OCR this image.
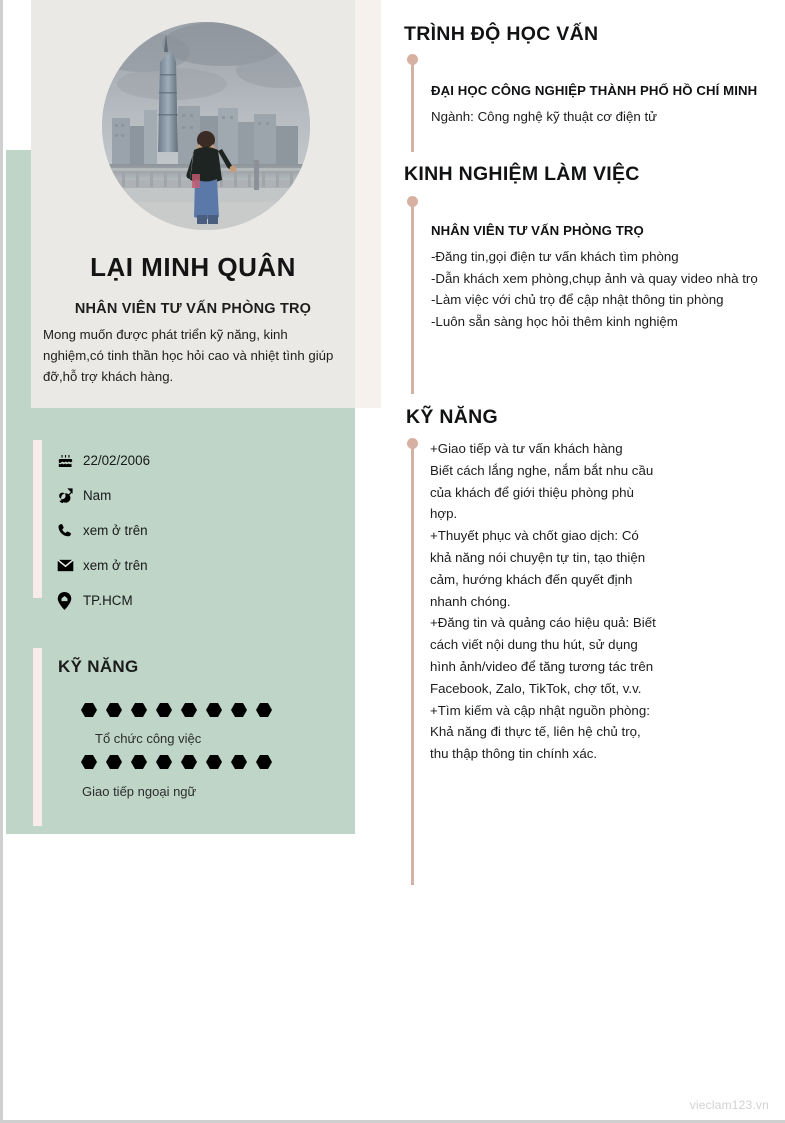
LẠI MINH QUÂN
NHÂN VIÊN TƯ VẤN PHÒNG TRỌ
Mong muốn được phát triển kỹ năng, kinh nghiệm,có tinh thần học hỏi cao và nhiệt tình giúp đỡ,hỗ trợ khách hàng.
22/02/2006
Nam
xem ở trên
xem ở trên
TP.HCM
KỸ NĂNG
Tổ chức công việc
Giao tiếp ngoại ngữ
TRÌNH ĐỘ HỌC VẤN
ĐẠI HỌC CÔNG NGHIỆP THÀNH PHỐ HỒ CHÍ MINH
Ngành: Công nghệ kỹ thuật cơ điện tử
KINH NGHIỆM LÀM VIỆC
NHÂN VIÊN TƯ VẤN PHÒNG TRỌ
-Đăng tin,gọi điện tư vấn khách tìm phòng
-Dẫn khách xem phòng,chụp ảnh và quay video nhà trọ
-Làm việc với chủ trọ để cập nhật thông tin phòng
-Luôn sẵn sàng học hỏi thêm kinh nghiệm
KỸ NĂNG
+Giao tiếp và tư vấn khách hàng
Biết cách lắng nghe, nắm bắt nhu cầu của khách để giới thiệu phòng phù hợp.
+Thuyết phục và chốt giao dịch: Có khả năng nói chuyện tự tin, tạo thiện cảm, hướng khách đến quyết định nhanh chóng.
+Đăng tin và quảng cáo hiệu quả: Biết cách viết nội dung thu hút, sử dụng hình ảnh/video để tăng tương tác trên Facebook, Zalo, TikTok, chợ tốt, v.v.
+Tìm kiếm và cập nhật nguồn phòng: Khả năng đi thực tế, liên hệ chủ trọ, thu thập thông tin chính xác.
vieclam123.vn
